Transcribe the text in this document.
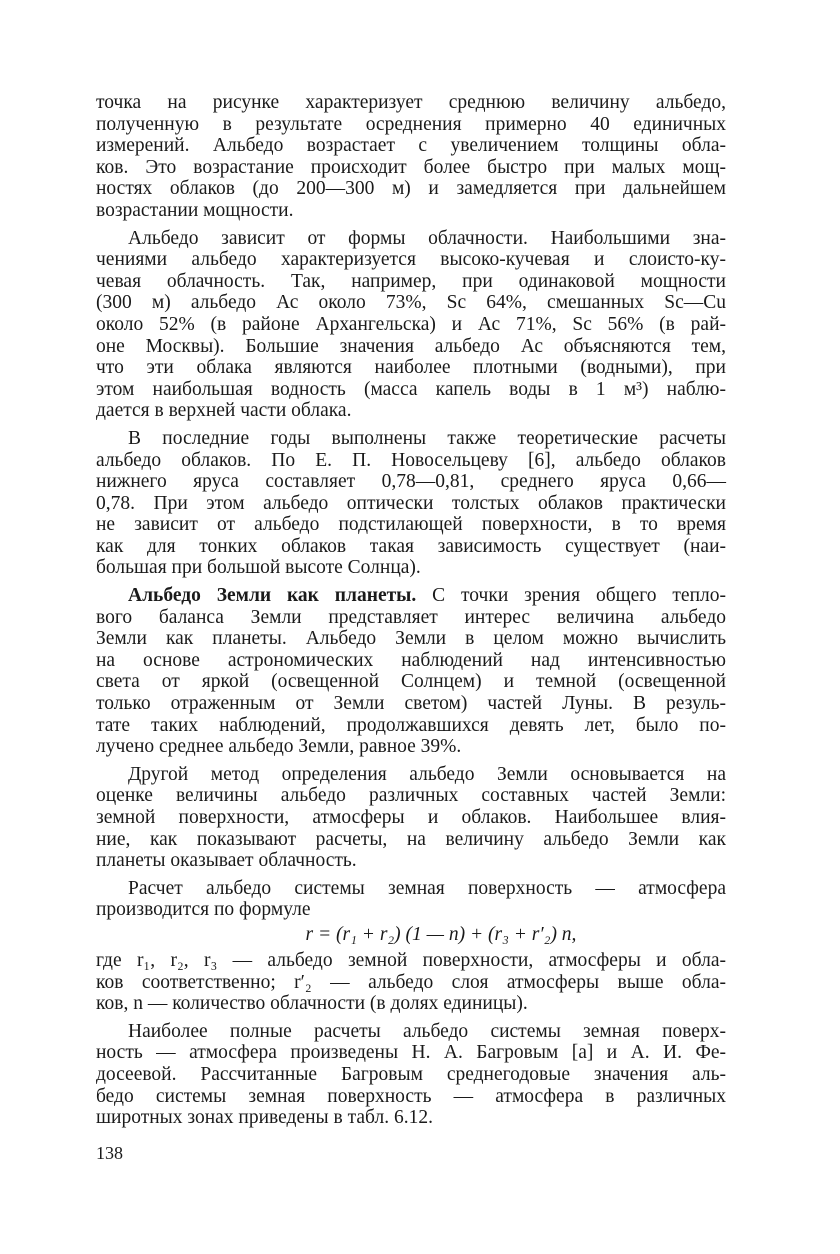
точка на рисунке характеризует среднюю величину альбедо,
полученную в результате осреднения примерно 40 единичных
измерений. Альбедо возрастает с увеличением толщины обла-
ков. Это возрастание происходит более быстро при малых мощ-
ностях облаков (до 200—300 м) и замедляется при дальнейшем
возрастании мощности.
Альбедо зависит от формы облачности. Наибольшими зна-
чениями альбедо характеризуется высоко-кучевая и слоисто-ку-
чевая облачность. Так, например, при одинаковой мощности
(300 м) альбедо Ас около 73%, Sc 64%, смешанных Sc—Cu
около 52% (в районе Архангельска) и Ас 71%, Sc 56% (в рай-
оне Москвы). Большие значения альбедо Ас объясняются тем,
что эти облака являются наиболее плотными (водными), при
этом наибольшая водность (масса капель воды в 1 м³) наблю-
дается в верхней части облака.
В последние годы выполнены также теоретические расчеты
альбедо облаков. По Е. П. Новосельцеву [6], альбедо облаков
нижнего яруса составляет 0,78—0,81, среднего яруса 0,66—
0,78. При этом альбедо оптически толстых облаков практически
не зависит от альбедо подстилающей поверхности, в то время
как для тонких облаков такая зависимость существует (наи-
большая при большой высоте Солнца).
Альбедо Земли как планеты. С точки зрения общего тепло-
вого баланса Земли представляет интерес величина альбедо
Земли как планеты. Альбедо Земли в целом можно вычислить
на основе астрономических наблюдений над интенсивностью
света от яркой (освещенной Солнцем) и темной (освещенной
только отраженным от Земли светом) частей Луны. В резуль-
тате таких наблюдений, продолжавшихся девять лет, было по-
лучено среднее альбедо Земли, равное 39%.
Другой метод определения альбедо Земли основывается на
оценке величины альбедо различных составных частей Земли:
земной поверхности, атмосферы и облаков. Наибольшее влия-
ние, как показывают расчеты, на величину альбедо Земли как
планеты оказывает облачность.
Расчет альбедо системы земная поверхность — атмосфера
производится по формуле
r = (r₁ + r₂) (1 — n) + (r₃ + r′₂) n,
где r₁, r₂, r₃ — альбедо земной поверхности, атмосферы и обла-
ков соответственно; r′₂ — альбедо слоя атмосферы выше обла-
ков, n — количество облачности (в долях единицы).
Наиболее полные расчеты альбедо системы земная поверх-
ность — атмосфера произведены Н. А. Багровым [а] и А. И. Фе-
досеевой. Рассчитанные Багровым среднегодовые значения аль-
бедо системы земная поверхность — атмосфера в различных
широтных зонах приведены в табл. 6.12.
138
